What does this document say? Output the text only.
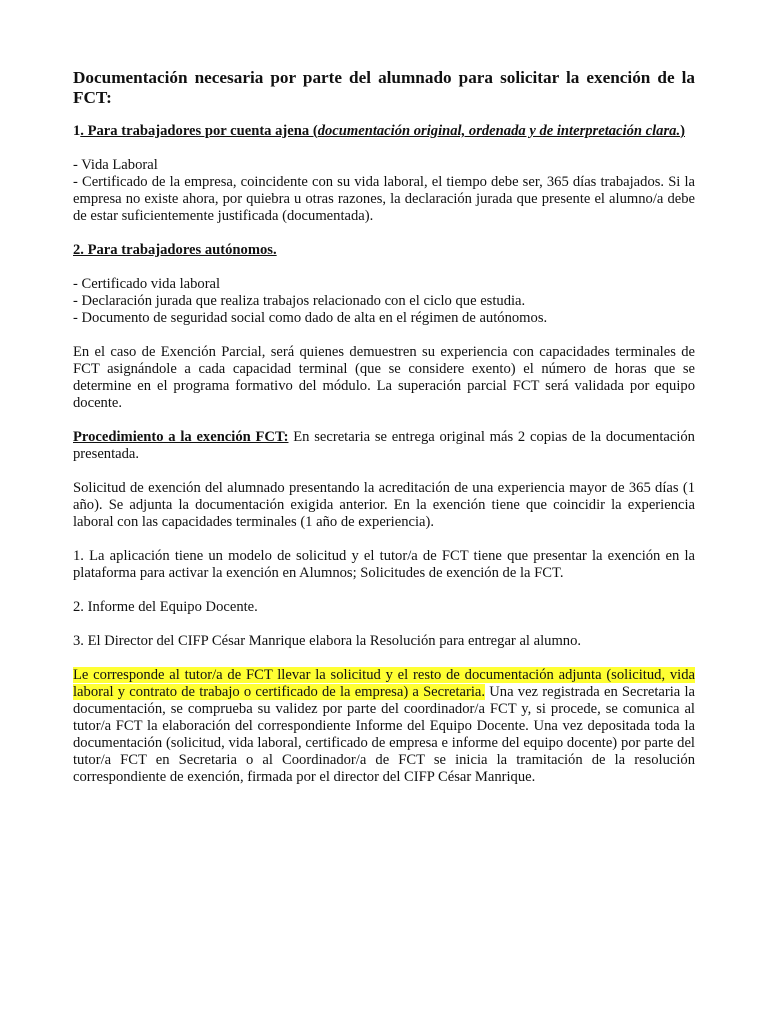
Documentación necesaria por parte del alumnado para solicitar la exención de la FCT:

1. Para trabajadores por cuenta ajena (documentación original, ordenada y de interpretación clara.)

- Vida Laboral

- Certificado de la empresa, coincidente con su vida laboral, el tiempo debe ser, 365 días trabajados. Si la empresa no existe ahora, por quiebra u otras razones, la declaración jurada que presente el alumno/a debe de estar suficientemente justificada (documentada).

2. Para trabajadores autónomos.

- Certificado vida laboral

- Declaración jurada que realiza trabajos relacionado con el ciclo que estudia.

- Documento de seguridad social como dado de alta en el régimen de autónomos.

En el caso de Exención Parcial, será quienes demuestren su experiencia con capacidades terminales de FCT asignándole a cada capacidad terminal (que se considere exento) el número de horas que se determine en el programa formativo del módulo. La superación parcial FCT será validada por equipo docente.

Procedimiento a la exención FCT: En secretaria se entrega original más 2 copias de la documentación presentada.

Solicitud de exención del alumnado presentando la acreditación de una experiencia mayor de 365 días (1 año). Se adjunta la documentación exigida anterior. En la exención tiene que coincidir la experiencia laboral con las capacidades terminales (1 año de experiencia).

1. La aplicación tiene un modelo de solicitud y el tutor/a de FCT tiene que presentar la exención en la plataforma para activar la exención en Alumnos; Solicitudes de exención de la FCT.

2. Informe del Equipo Docente.

3. El Director del CIFP César Manrique elabora la Resolución para entregar al alumno.

Le corresponde al tutor/a de FCT llevar la solicitud y el resto de documentación adjunta (solicitud, vida laboral y contrato de trabajo o certificado de la empresa) a Secretaria. Una vez registrada en Secretaria la documentación, se comprueba su validez por parte del coordinador/a FCT y, si procede, se comunica al tutor/a FCT la elaboración del correspondiente Informe del Equipo Docente. Una vez depositada toda la documentación (solicitud, vida laboral, certificado de empresa e informe del equipo docente) por parte del tutor/a FCT en Secretaria o al Coordinador/a de FCT se inicia la tramitación de la resolución correspondiente de exención, firmada por el director del CIFP César Manrique.
